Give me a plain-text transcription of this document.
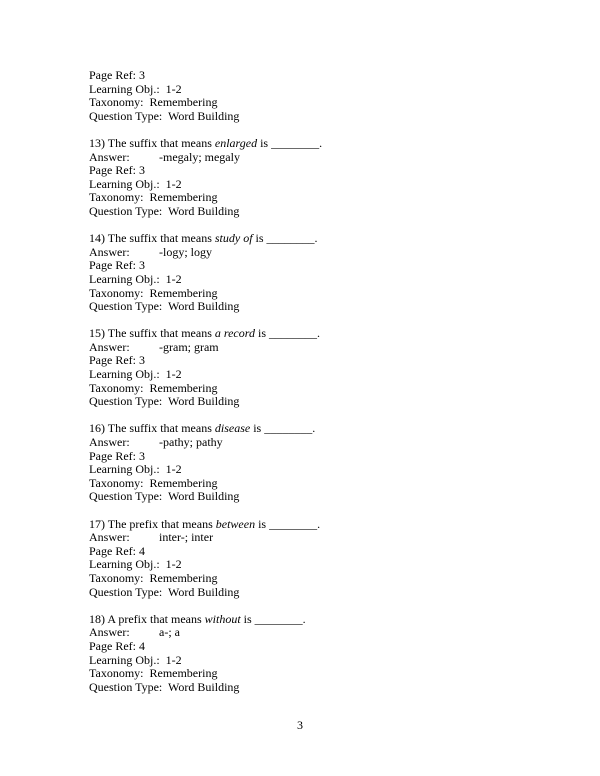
Page Ref: 3
Learning Obj.:  1-2
Taxonomy:  Remembering
Question Type:  Word Building
13) The suffix that means enlarged is ________.
Answer: -megaly; megaly
Page Ref: 3
Learning Obj.:  1-2
Taxonomy:  Remembering
Question Type:  Word Building
14) The suffix that means study of is ________.
Answer: -logy; logy
Page Ref: 3
Learning Obj.:  1-2
Taxonomy:  Remembering
Question Type:  Word Building
15) The suffix that means a record is ________.
Answer: -gram; gram
Page Ref: 3
Learning Obj.:  1-2
Taxonomy:  Remembering
Question Type:  Word Building
16) The suffix that means disease is ________.
Answer: -pathy; pathy
Page Ref: 3
Learning Obj.:  1-2
Taxonomy:  Remembering
Question Type:  Word Building
17) The prefix that means between is ________.
Answer: inter-; inter
Page Ref: 4
Learning Obj.:  1-2
Taxonomy:  Remembering
Question Type:  Word Building
18) A prefix that means without is ________.
Answer: a-; a
Page Ref: 4
Learning Obj.:  1-2
Taxonomy:  Remembering
Question Type:  Word Building
3
